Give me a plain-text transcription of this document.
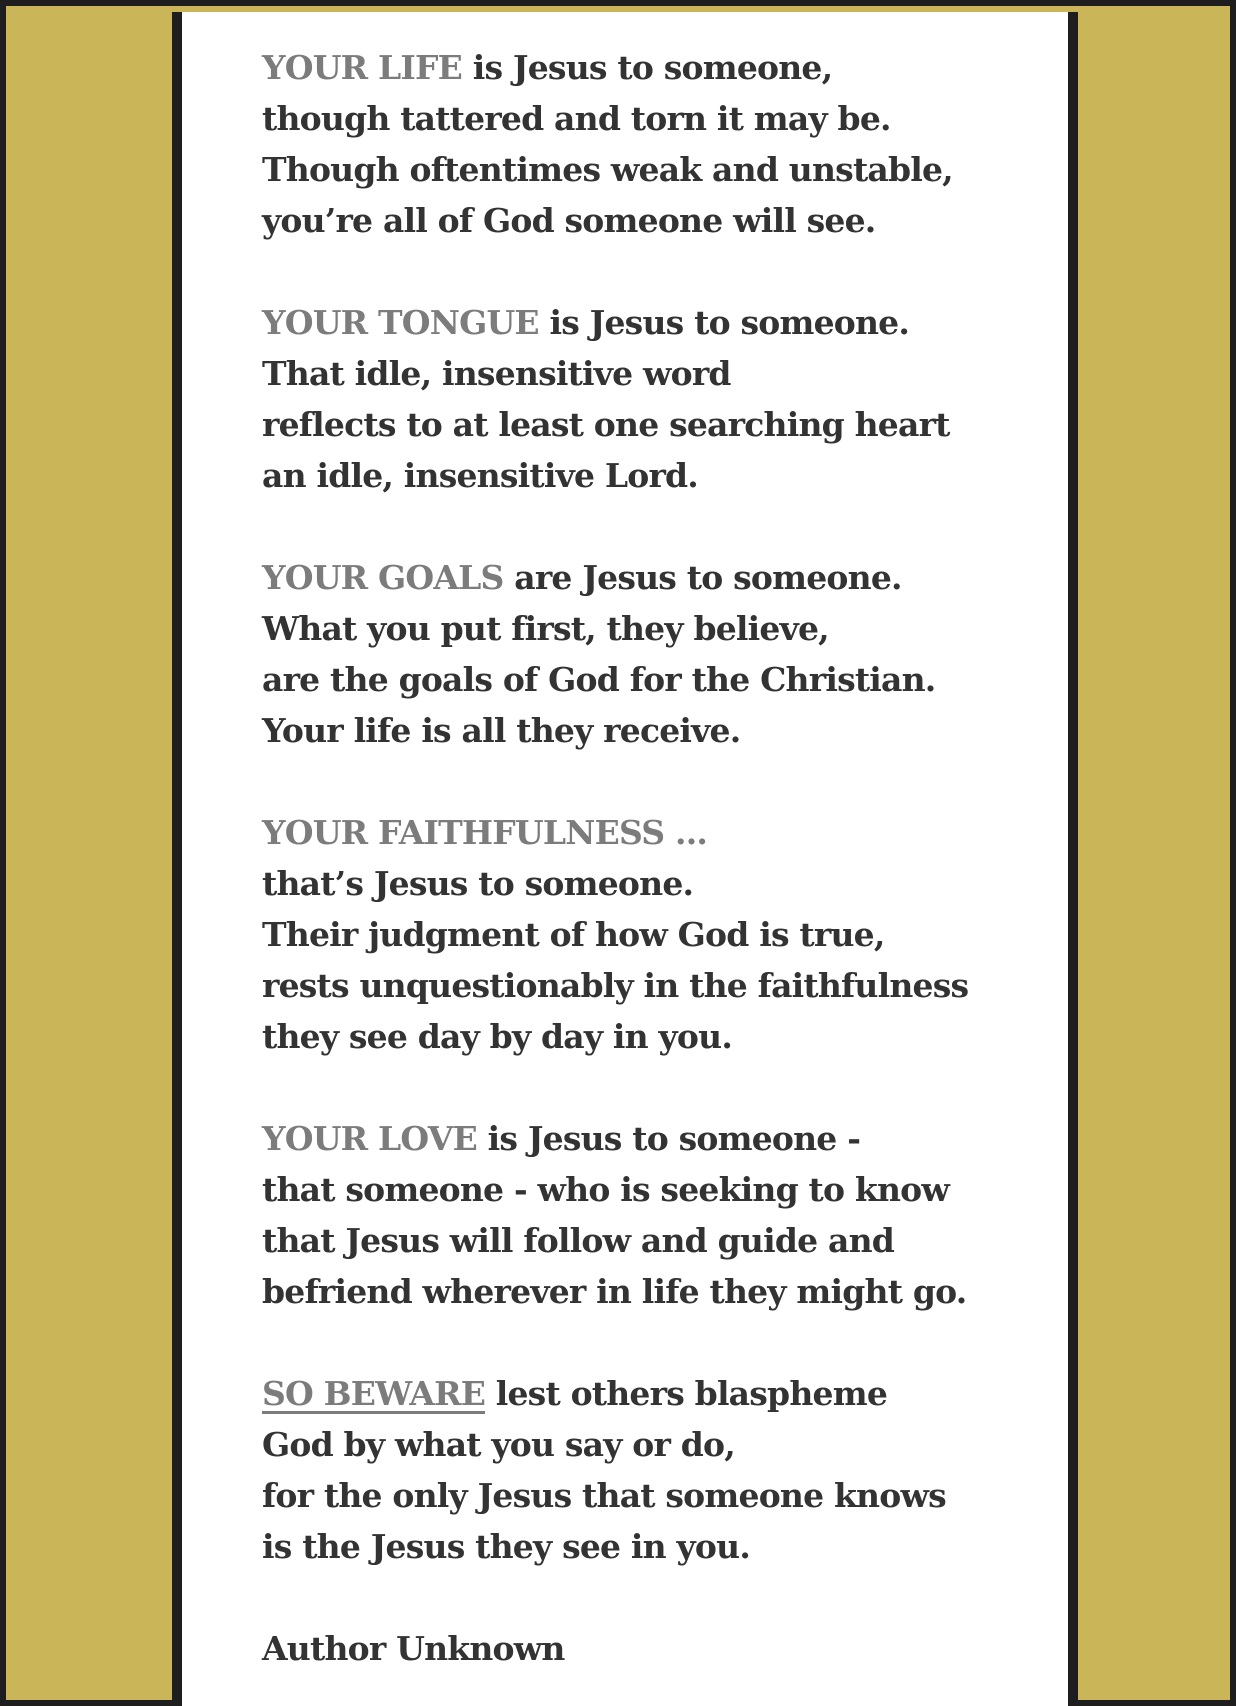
YOUR LIFE is Jesus to someone,
though tattered and torn it may be.
Though oftentimes weak and unstable,
you’re all of God someone will see.
YOUR TONGUE is Jesus to someone.
That idle, insensitive word
reflects to at least one searching heart
an idle, insensitive Lord.
YOUR GOALS are Jesus to someone.
What you put first, they believe,
are the goals of God for the Christian.
Your life is all they receive.
YOUR FAITHFULNESS ...
that’s Jesus to someone.
Their judgment of how God is true,
rests unquestionably in the faithfulness
they see day by day in you.
YOUR LOVE is Jesus to someone -
that someone - who is seeking to know
that Jesus will follow and guide and
befriend wherever in life they might go.
SO BEWARE lest others blaspheme
God by what you say or do,
for the only Jesus that someone knows
is the Jesus they see in you.
Author Unknown
